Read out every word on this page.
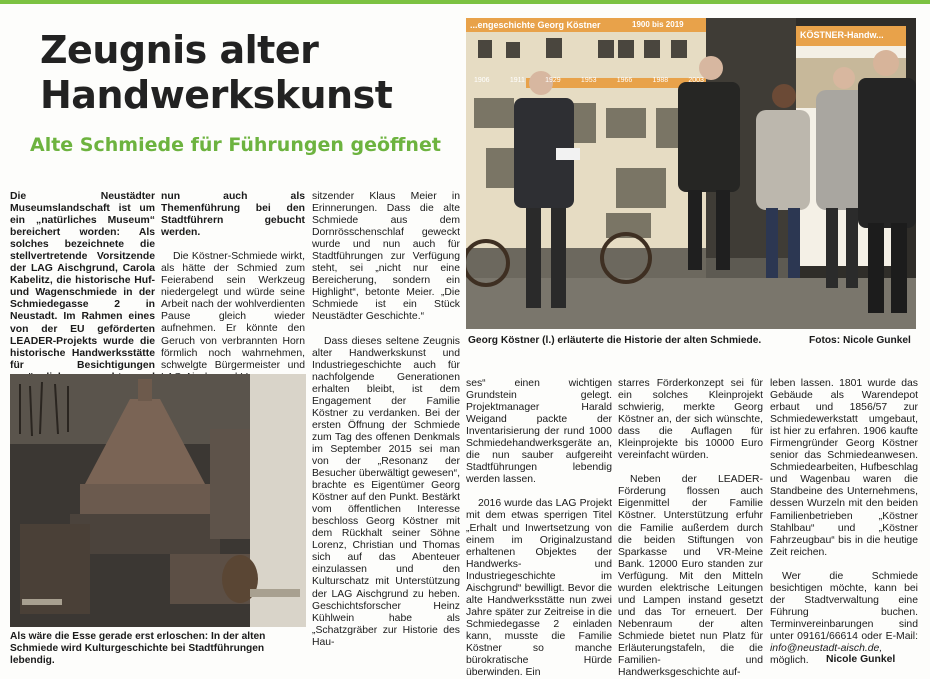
Zeugnis alter
Handwerkskunst
Alte Schmiede für Führungen geöffnet

Die Neustädter Museumslandschaft ist um ein „natürliches Museum“ bereichert worden: Als solches bezeichnete die stellvertretende Vorsitzende der LAG Aischgrund, Carola Kabelitz, die historische Huf- und Wagenschmiede in der Schmiedegasse 2 in Neustadt. Im Rahmen eines von der EU geförderten LEADER-Projekts wurde die historische Handwerksstätte für Besichtigungen

nun auch als Themenführung bei den Stadtführern gebucht werden.

Die Köstner-Schmiede wirkt, als hätte der Schmied zum Feierabend sein Werkzeug niedergelegt und würde seine Arbeit nach der wohlverdienten Pause gleich wieder aufnehmen. Er könnte den Geruch von verbrannten Horn förmlich noch wahrnehmen, schwelgte Bürgermeister und

sitzender Klaus Meier in Erinnerungen. Dass die alte Schmiede aus dem Dornrösschenschlaf geweckt wurde und nun auch für Stadtführungen zur Verfügung steht, sei „nicht nur eine Bereicherung, sondern ein Highlight“, betonte Meier. „Die Schmiede ist ein Stück Neustädter Geschichte.“

Dass dieses seltene Zeugnis alter Handwerkskunst und Industriegeschichte auch für nachfolgende Generationen erhalten bleibt, ist dem Engagement der Familie Köstner zu verdanken. Bei der ersten Öffnung der Schmiede zum Tag des offenen Denkmals im September 2015 sei man von der „Resonanz der Besucher überwältigt gewesen“, brachte es Eigentümer Georg Köstner auf den Punkt. Bestärkt vom öffentlichen Interesse beschloss Georg Köstner mit dem Rückhalt seiner Söhne Lorenz, Christian und Thomas sich auf das Abenteuer einzulassen und den Kulturschatz mit Unterstützung der LAG Aischgrund zu heben. Geschichtsforscher Heinz Kühlwein habe als „Schatzgräber zur Historie des Hau-

ses“ einen wichtigen Grundstein gelegt. Projektmanager Harald Weigand packte der Inventarisierung der rund 1000 Schmiedehandwerksgeräte an, die nun sauber aufgereiht Stadtführungen lebendig werden lassen.

2016 wurde das LAG Projekt mit dem etwas sperrigen Titel „Erhalt und Inwertsetzung von einem im Originalzustand erhaltenen Objektes der Handwerks- und Industriegeschichte im Aischgrund“ bewilligt. Bevor die alte Handwerksstätte nun zwei Jahre später zur Zeitreise in die Schmiedegasse 2 einladen kann, musste die Familie Köstner so manche bürokratische Hürde überwinden. Ein

starres Förderkonzept sei für ein solches Kleinprojekt schwierig, merkte Georg Köstner an, der sich wünschte, dass die Auflagen für Kleinprojekte bis 10000 Euro vereinfacht würden.

Neben der LEADER-Förderung flossen auch Eigenmittel der Familie Köstner. Unterstützung erfuhr die Familie außerdem durch die beiden Stiftungen von Sparkasse und VR-Meine Bank. 12000 Euro standen zur Verfügung. Mit den Mitteln wurden elektrische Leitungen und Lampen instand gesetzt und das Tor erneuert. Der Nebenraum der alten Schmiede bietet nun Platz für Erläuterungstafeln, die die Familien- und Handwerksgeschichte auf-

leben lassen. 1801 wurde das Gebäude als Warendepot erbaut und 1856/57 zur Schmiedewerkstatt umgebaut, ist hier zu erfahren. 1906 kaufte Firmengründer Georg Köstner senior das Schmiedeanwesen. Schmiedearbeiten, Hufbeschlag und Wagenbau waren die Standbeine des Unternehmens, dessen Wurzeln mit den beiden Familienbetrieben „Köstner Stahlbau“ und „Köstner Fahrzeugbau“ bis in die heutige Zeit reichen.

Wer die Schmiede besichtigen möchte, kann bei der Stadtverwaltung eine Führung buchen. Terminvereinbarungen sind unter 09161/66614 oder E-Mail: info@neustadt-aisch.de, möglich.	Nicole Gunkel
...engeschichte Georg Köstner	1900 bis 2019
KÖSTNER-Handw...
1906	1911	1929	1953	1966	1988	2003
Georg Köstner (l.) erläuterte die Historie der alten Schmiede.	Fotos: Nicole Gunkel
Als wäre die Esse gerade erst erloschen: In der alten Schmiede wird Kulturgeschichte bei Stadtführungen lebendig.
